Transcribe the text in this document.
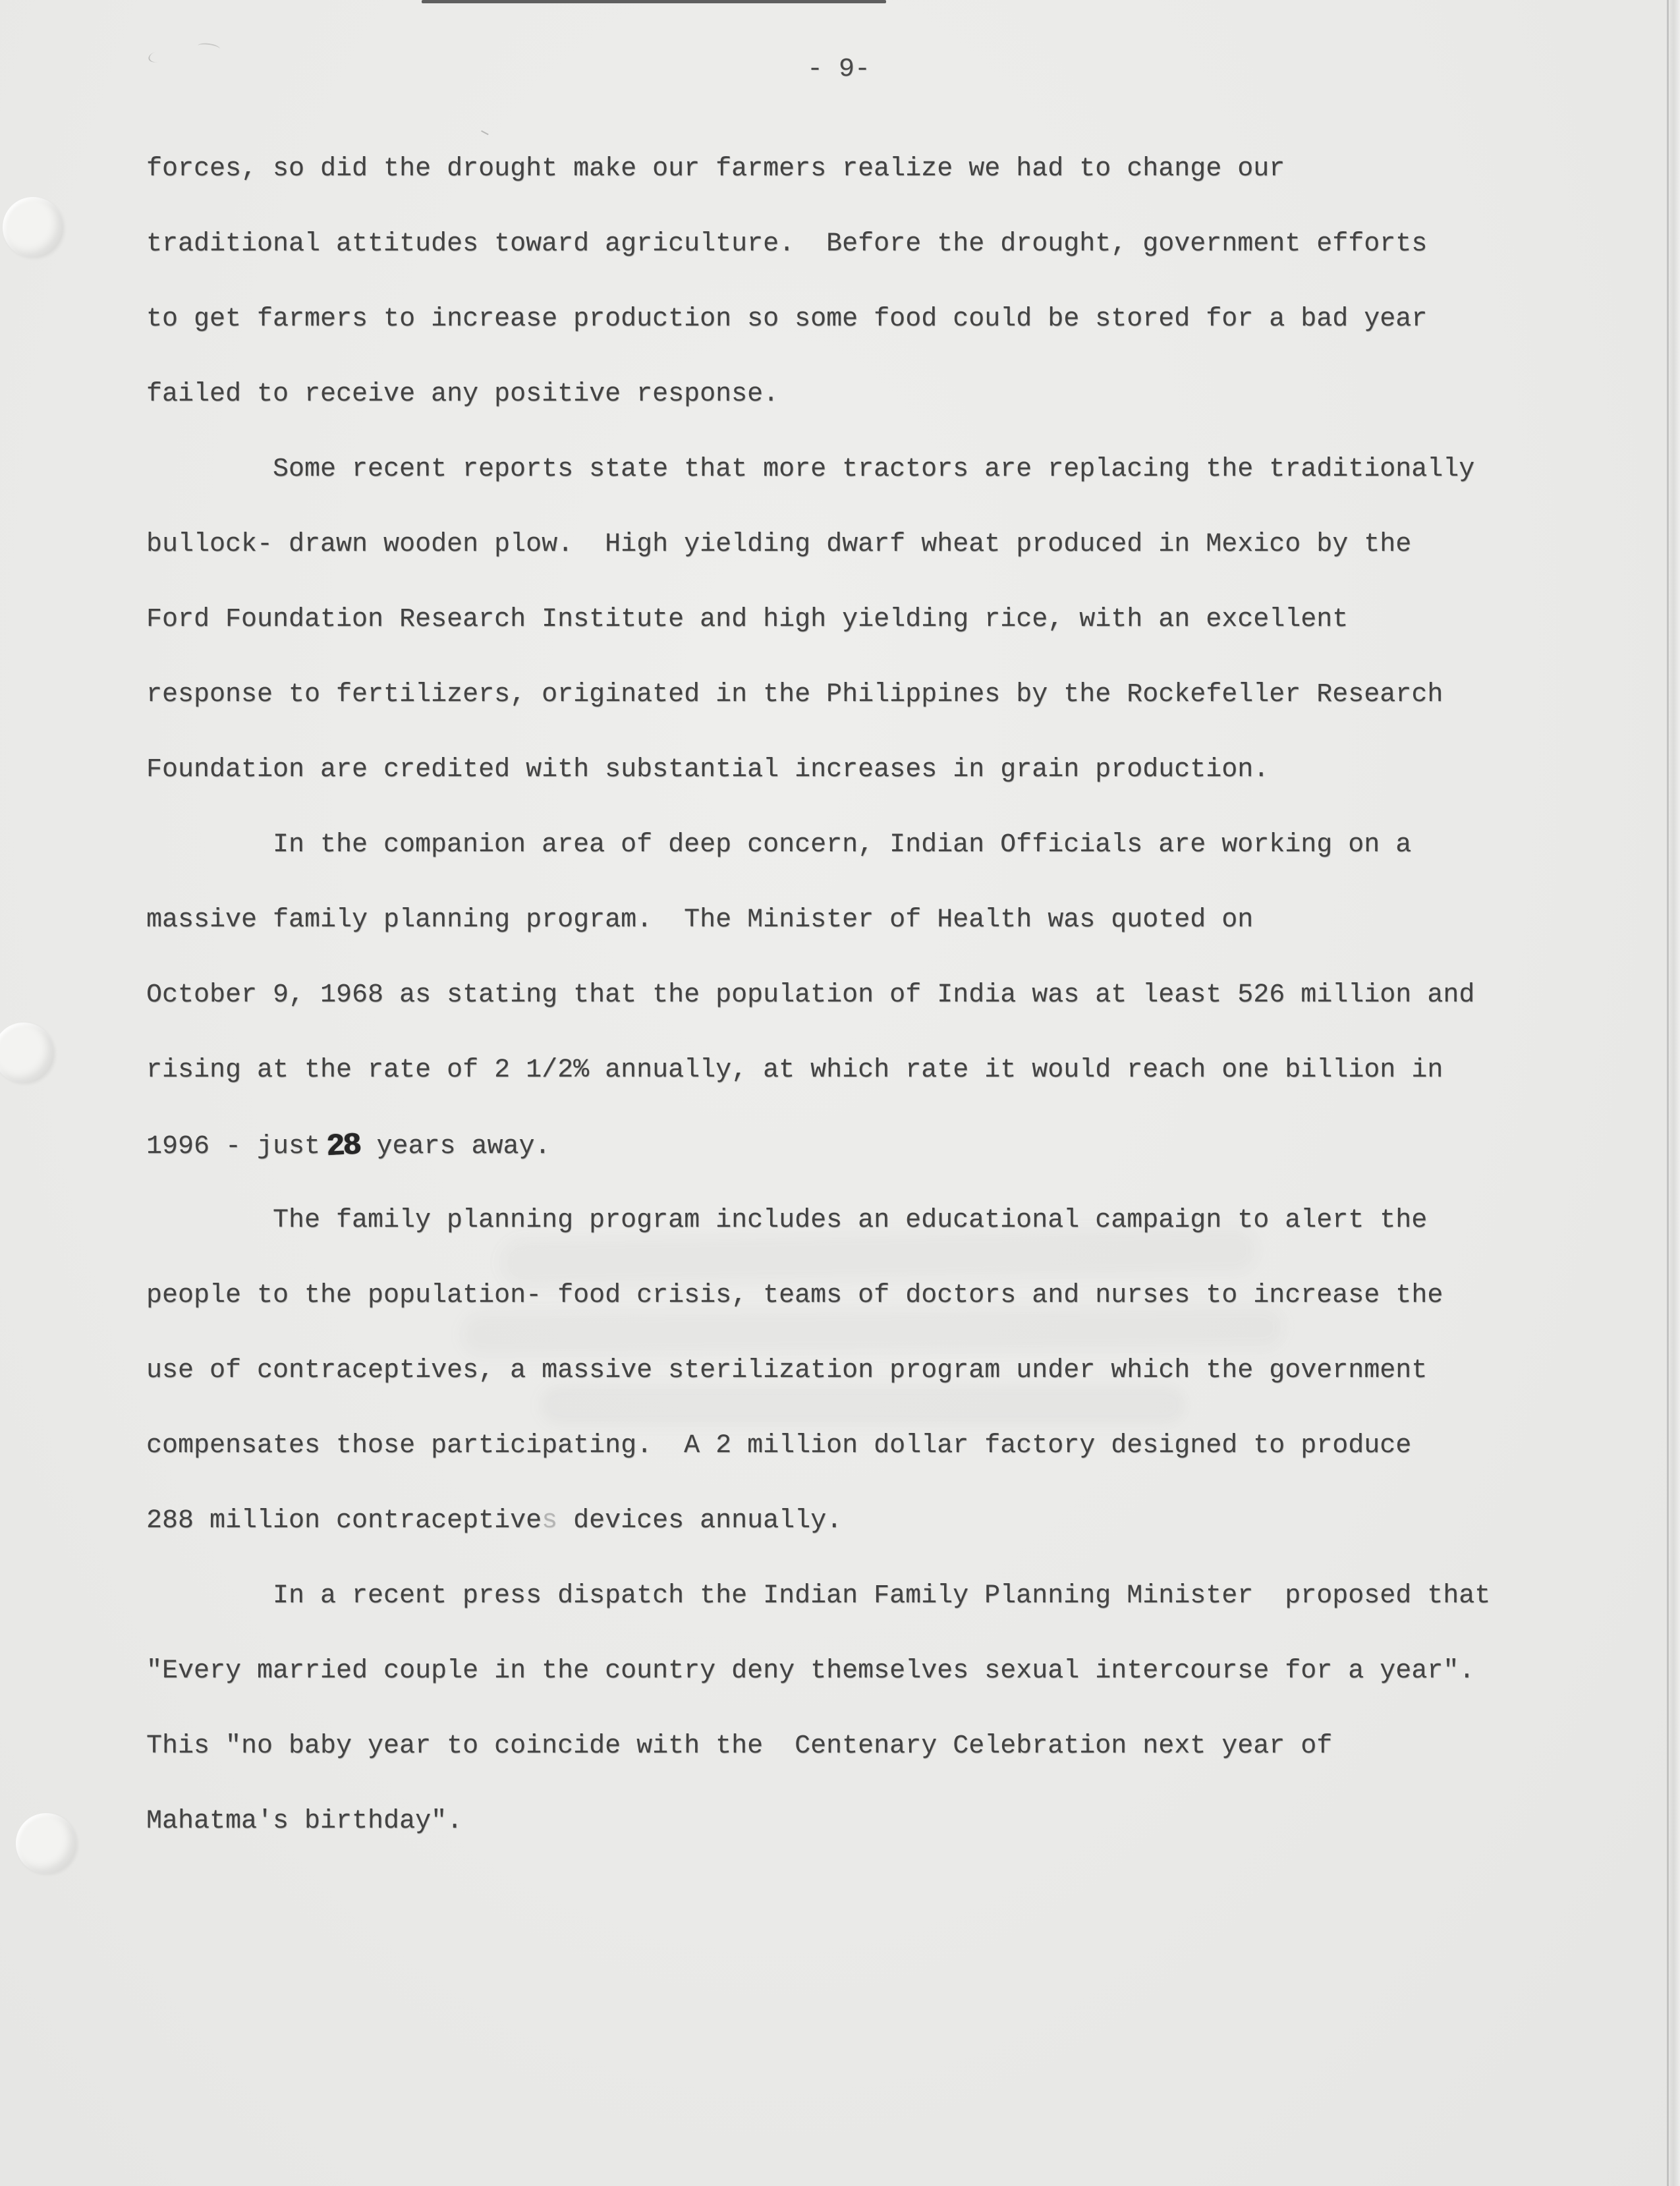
- 9-
forces, so did the drought make our farmers realize we had to change our
traditional attitudes toward agriculture.  Before the drought, government efforts
to get farmers to increase production so some food could be stored for a bad year
failed to receive any positive response.
Some recent reports state that more tractors are replacing the traditionally
bullock- drawn wooden plow.  High yielding dwarf wheat produced in Mexico by the
Ford Foundation Research Institute and high yielding rice, with an excellent
response to fertilizers, originated in the Philippines by the Rockefeller Research
Foundation are credited with substantial increases in grain production.
In the companion area of deep concern, Indian Officials are working on a
massive family planning program.  The Minister of Health was quoted on
October 9, 1968 as stating that the population of India was at least 526 million and
rising at the rate of 2 1/2% annually, at which rate it would reach one billion in
1996 - just 28 years away.
The family planning program includes an educational campaign to alert the
people to the population- food crisis, teams of doctors and nurses to increase the
use of contraceptives, a massive sterilization program under which the government
compensates those participating.  A 2 million dollar factory designed to produce
288 million contraceptives devices annually.
In a recent press dispatch the Indian Family Planning Minister  proposed that
"Every married couple in the country deny themselves sexual intercourse for a year".
This "no baby year to coincide with the  Centenary Celebration next year of
Mahatma's birthday".
